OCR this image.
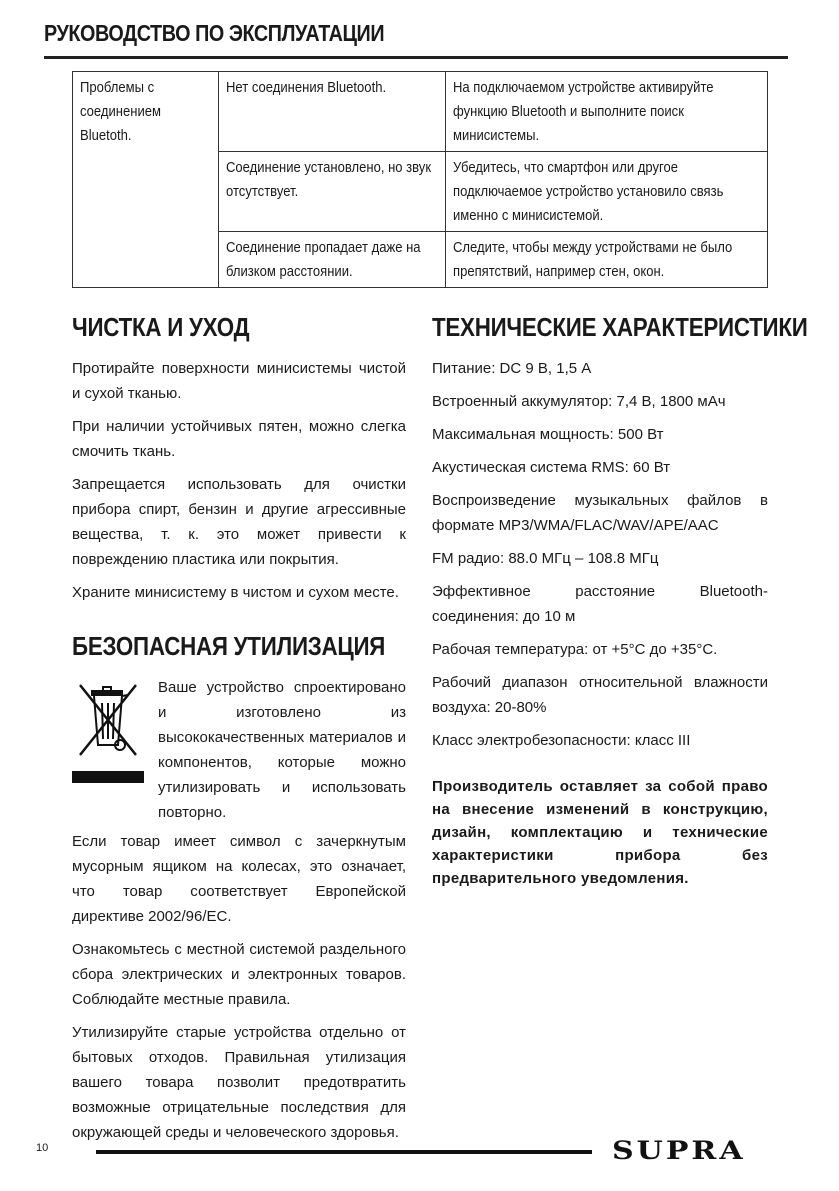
РУКОВОДСТВО ПО ЭКСПЛУАТАЦИИ
Проблемы с соединением Bluetoth.	Нет соединения Bluetooth.	На подключаемом устройстве активируйте функцию Bluetooth и выполните поиск минисистемы.

	Соединение установлено, но звук отсутствует.	Убедитесь, что смартфон или другое подключаемое устройство установило связь именно с минисистемой.

	Соединение пропадает даже на близком расстоянии.	Следите, чтобы между устройствами не было препятствий, например стен, окон.
ЧИСТКА И УХОД

Протирайте поверхности минисистемы чистой и сухой тканью.

При наличии устойчивых пятен, можно слегка смочить ткань.

Запрещается использовать для очистки прибора спирт, бензин и другие агрессивные вещества, т. к. это может привести к повреждению пластика или покрытия.

Храните минисистему в чистом и сухом месте.

БЕЗОПАСНАЯ УТИЛИЗАЦИЯ

Ваше устройство спроектировано и изготовлено из высококачественных материалов и компонентов, которые можно утилизировать и использовать повторно.

Если товар имеет символ с зачеркнутым мусорным ящиком на колесах, это означает, что товар соответствует Европейской директиве 2002/96/EC.

Ознакомьтесь с местной системой раздельного сбора электрических и электронных товаров. Соблюдайте местные правила.

Утилизируйте старые устройства отдельно от бытовых отходов. Правильная утилизация вашего товара позволит предотвратить возможные отрицательные последствия для окружающей среды и человеческого здоровья.

ТЕХНИЧЕСКИЕ ХАРАКТЕРИСТИКИ

Питание: DC 9 В, 1,5 А

Встроенный аккумулятор: 7,4 В, 1800 мАч

Максимальная мощность: 500 Вт

Акустическая система RMS: 60 Вт

Воспроизведение музыкальных файлов в формате MP3/WMA/FLAC/WAV/APE/AAC

FM радио: 88.0 МГц – 108.8 МГц

Эффективное расстояние Bluetooth-соединения: до 10 м

Рабочая температура: от +5°C до +35°C.

Рабочий диапазон относительной влажности воздуха: 20-80%

Класс электробезопасности: класс III

Производитель оставляет за собой право на внесение изменений в конструкцию, дизайн, комплектацию и технические характеристики прибора без предварительного уведомления.

10	SUPRA
